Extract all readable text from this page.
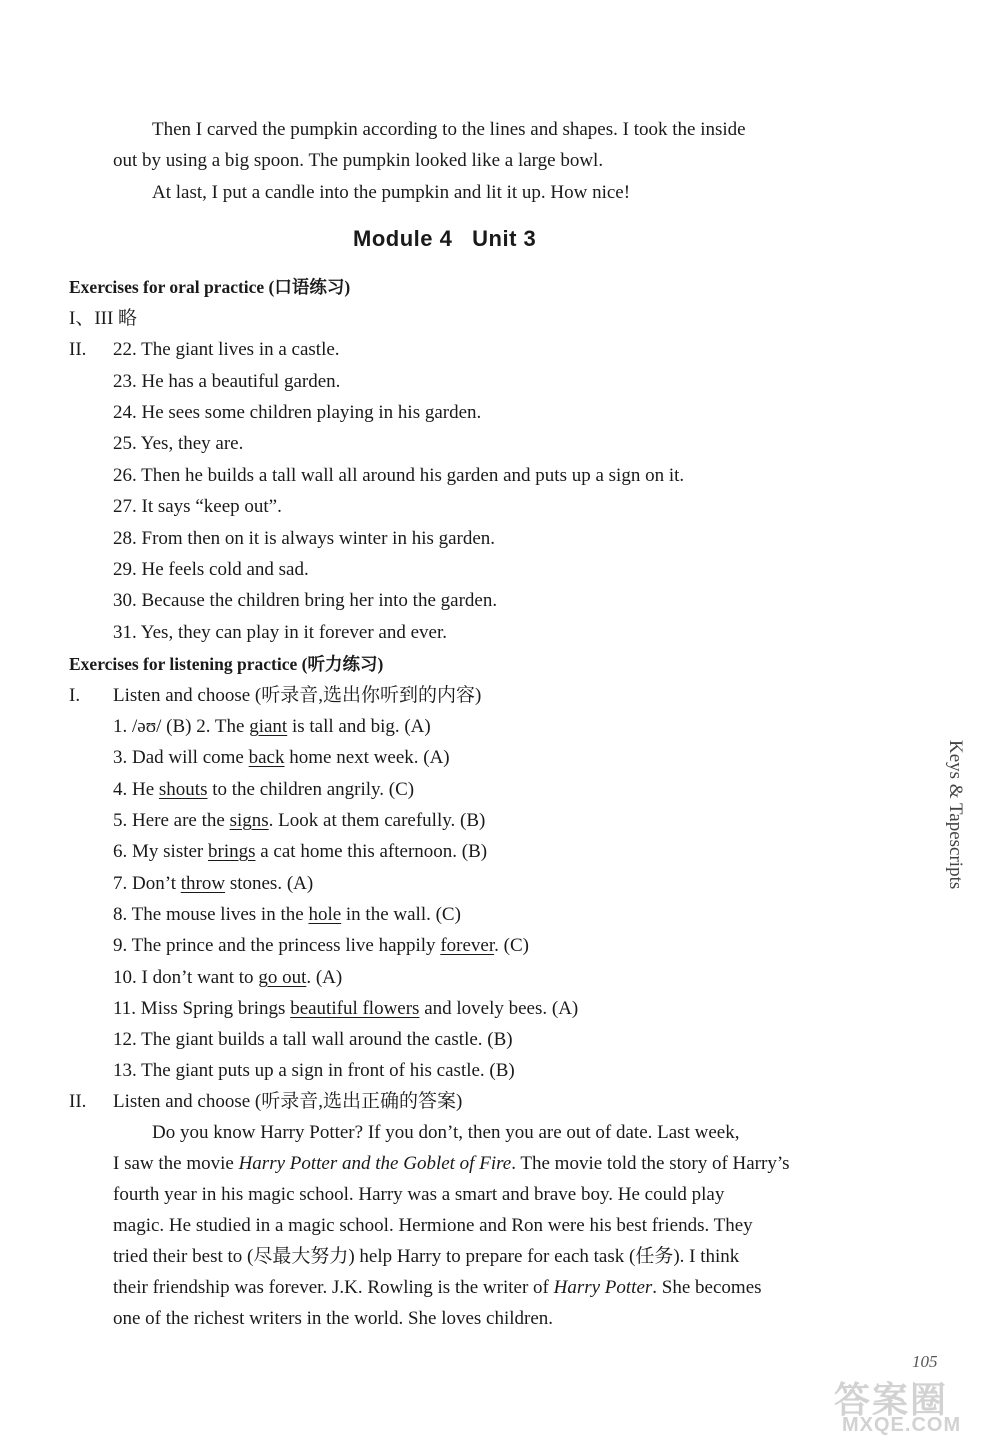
Then I carved the pumpkin according to the lines and shapes. I took the inside
out by using a big spoon. The pumpkin looked like a large bowl.
At last, I put a candle into the pumpkin and lit it up. How nice!
Module 4   Unit 3
Exercises for oral practice (口语练习)
I、III 略
II. 22. The giant lives in a castle.
23. He has a beautiful garden.
24. He sees some children playing in his garden.
25. Yes, they are.
26. Then he builds a tall wall all around his garden and puts up a sign on it.
27. It says “keep out”.
28. From then on it is always winter in his garden.
29. He feels cold and sad.
30. Because the children bring her into the garden.
31. Yes, they can play in it forever and ever.
Exercises for listening practice (听力练习)
I. Listen and choose (听录音,选出你听到的内容)
1. /əʊ/ (B) 2. The giant is tall and big. (A)
3. Dad will come back home next week. (A)
4. He shouts to the children angrily. (C)
5. Here are the signs. Look at them carefully. (B)
6. My sister brings a cat home this afternoon. (B)
7. Don’t throw stones. (A)
8. The mouse lives in the hole in the wall. (C)
9. The prince and the princess live happily forever. (C)
10. I don’t want to go out. (A)
11. Miss Spring brings beautiful flowers and lovely bees. (A)
12. The giant builds a tall wall around the castle. (B)
13. The giant puts up a sign in front of his castle. (B)
II. Listen and choose (听录音,选出正确的答案)
Do you know Harry Potter? If you don’t, then you are out of date. Last week,
I saw the movie Harry Potter and the Goblet of Fire. The movie told the story of Harry’s
fourth year in his magic school. Harry was a smart and brave boy. He could play
magic. He studied in a magic school. Hermione and Ron were his best friends. They
tried their best to (尽最大努力) help Harry to prepare for each task (任务). I think
their friendship was forever. J.K. Rowling is the writer of Harry Potter. She becomes
one of the richest writers in the world. She loves children.
Keys & Tapescripts
105
答案圈
MXQE.COM
